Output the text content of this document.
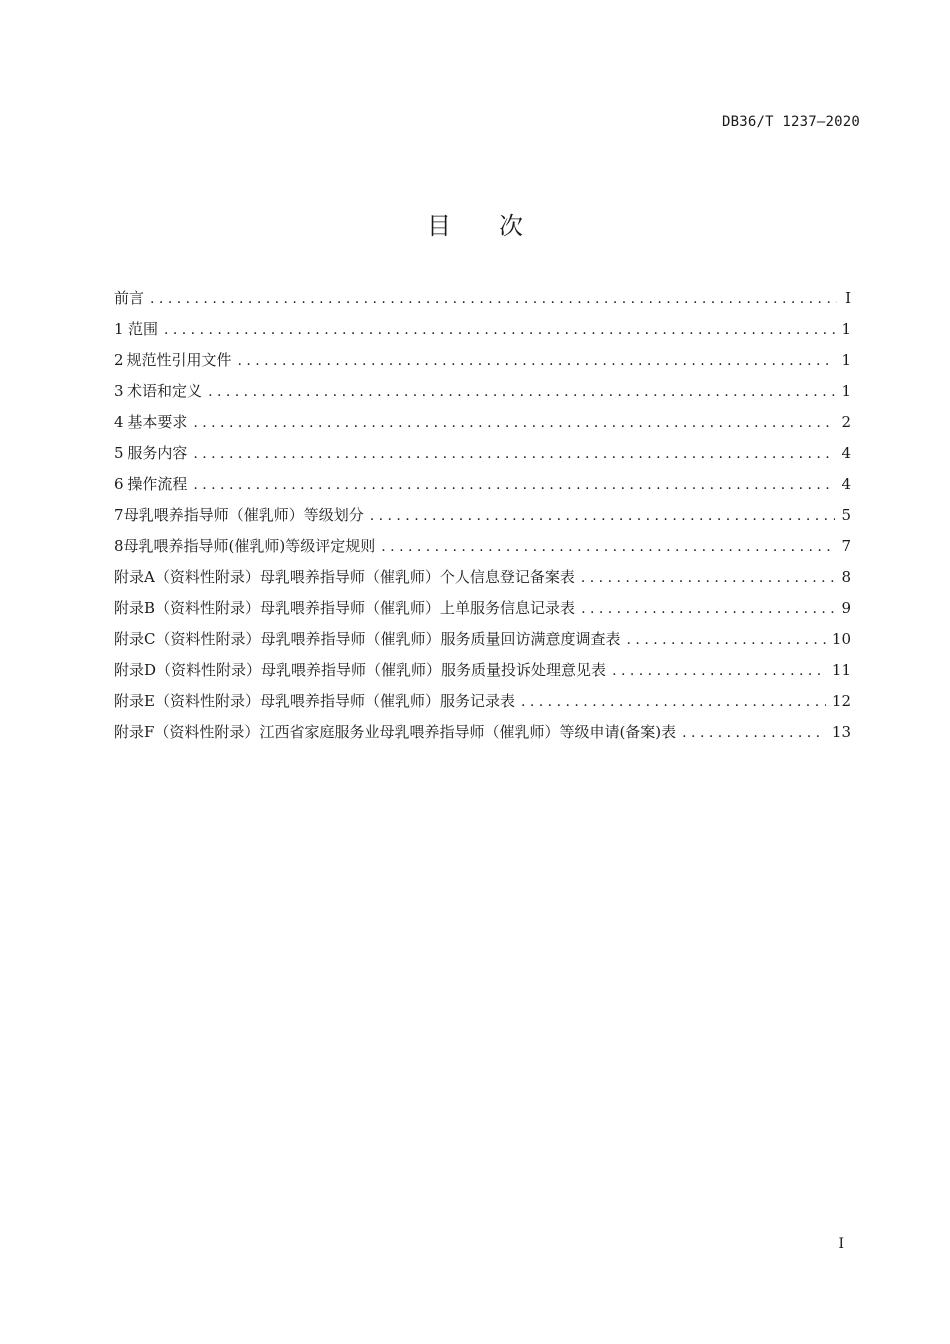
DB36/T 1237—2020
目 次
前言 . . .	I
1 范围 . . .	1
2 规范性引用文件 . . .	1
3 术语和定义 . . .	1
4 基本要求 . . .	2
5 服务内容 . . .	4
6 操作流程 . . .	4
7 母乳喂养指导师（催乳师）等级划分 . . .	5
8 母乳喂养指导师(催乳师)等级评定规则 . . .	7
附录A （资料性附录） 母乳喂养指导师（催乳师）个人信息登记备案表 . . .	8
附录B （资料性附录） 母乳喂养指导师（催乳师）上单服务信息记录表 . . .	9
附录C （资料性附录） 母乳喂养指导师（催乳师）服务质量回访满意度调查表 . . .	10
附录D （资料性附录） 母乳喂养指导师（催乳师）服务质量投诉处理意见表 . . .	11
附录E （资料性附录） 母乳喂养指导师（催乳师）服务记录表 . . .	12
附录F （资料性附录） 江西省家庭服务业母乳喂养指导师（催乳师）等级申请(备案)表 . . .	13
I
